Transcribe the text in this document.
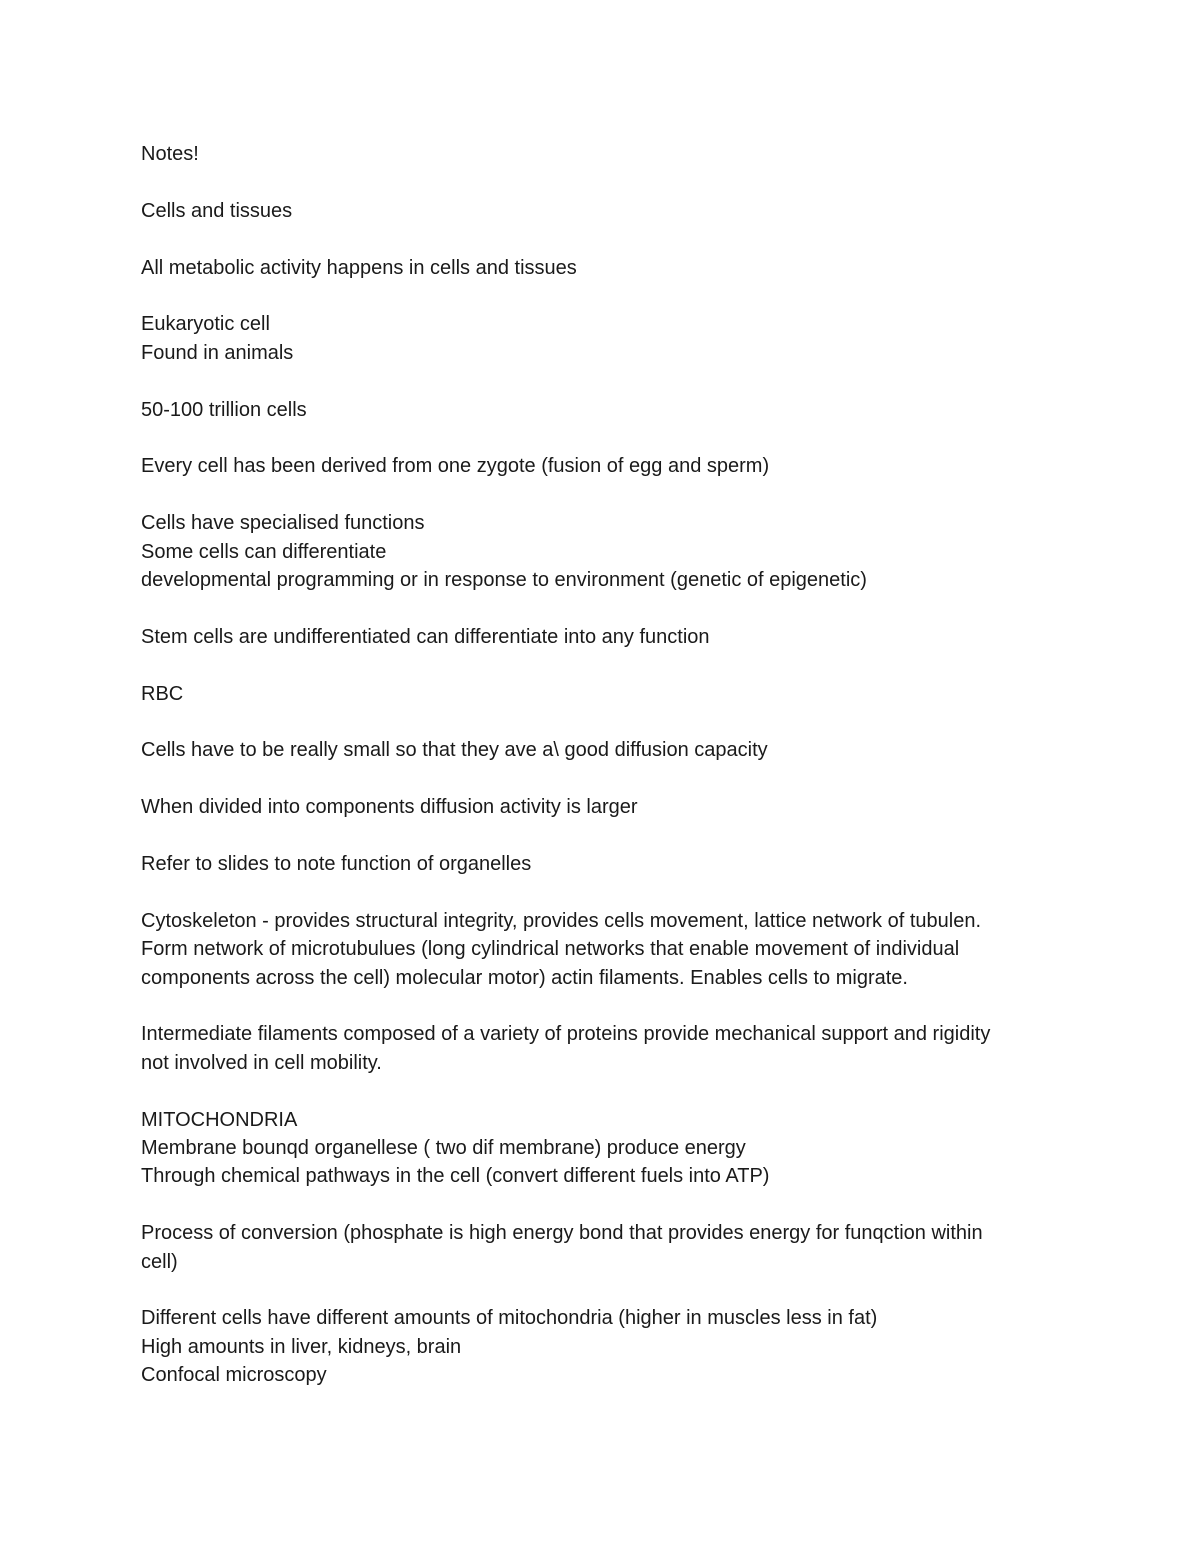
Notes!
Cells and tissues
All metabolic activity happens in cells and tissues
Eukaryotic cell
Found in animals
50-100 trillion cells
Every cell has been derived from one zygote (fusion of egg and sperm)
Cells have specialised functions
Some cells can differentiate
developmental programming or in response to environment (genetic of epigenetic)
Stem cells are undifferentiated can differentiate into any function
RBC
Cells have to be really small so that they ave a\ good diffusion capacity
When divided into components diffusion activity is larger
Refer to slides to note function of organelles
Cytoskeleton - provides structural integrity, provides cells movement, lattice network of tubulen.
Form network of microtubulues (long cylindrical networks that enable movement of individual
components across the cell) molecular motor) actin filaments. Enables cells to migrate.
Intermediate filaments composed of a variety of proteins provide mechanical support and rigidity
not involved in cell mobility.
MITOCHONDRIA
Membrane bounqd organellese ( two dif membrane) produce energy
Through chemical pathways in the cell (convert different fuels into ATP)
Process of conversion (phosphate is high energy bond that provides energy for funqction within
cell)
Different cells have different amounts of mitochondria (higher in muscles less in fat)
High amounts in liver, kidneys, brain
Confocal microscopy
